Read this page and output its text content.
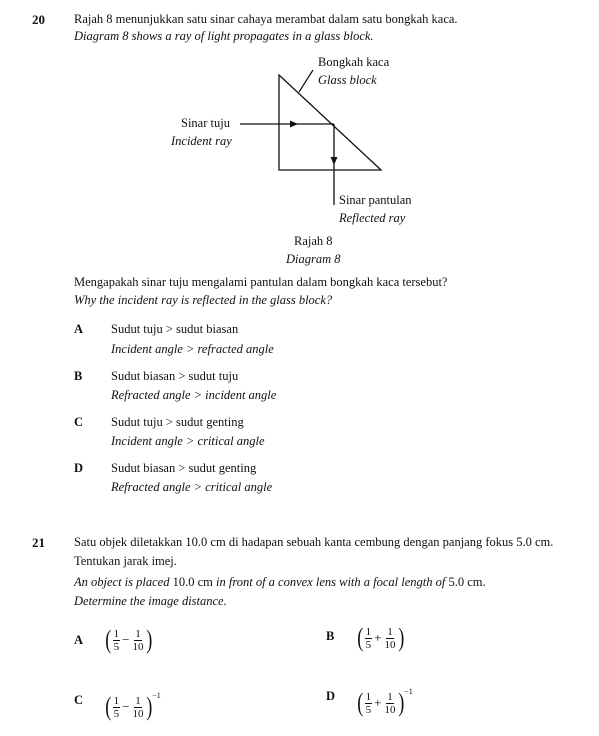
20 Rajah 8 menunjukkan satu sinar cahaya merambat dalam satu bongkah kaca.
Diagram 8 shows a ray of light propagates in a glass block.
Bongkah kaca
Glass block
Sinar tuju
Incident ray
Sinar pantulan
Reflected ray
Rajah 8
Diagram 8
Mengapakah sinar tuju mengalami pantulan dalam bongkah kaca tersebut?
Why the incident ray is reflected in the glass block?
A Sudut tuju > sudut biasan
Incident angle > refracted angle
B Sudut biasan > sudut tuju
Refracted angle > incident angle
C Sudut tuju > sudut genting
Incident angle > critical angle
D Sudut biasan > sudut genting
Refracted angle > critical angle
21 Satu objek diletakkan 10.0 cm di hadapan sebuah kanta cembung dengan panjang fokus 5.0 cm.
Tentukan jarak imej.
An object is placed 10.0 cm in front of a convex lens with a focal length of 5.0 cm.
Determine the image distance.
A ( $\frac{1}{5} - \frac{1}{10}$ )	B ( $\frac{1}{5} + \frac{1}{10}$ )
C ( $\frac{1}{5} - \frac{1}{10}$ ) −1	D ( $\frac{1}{5} + \frac{1}{10}$ ) −1
